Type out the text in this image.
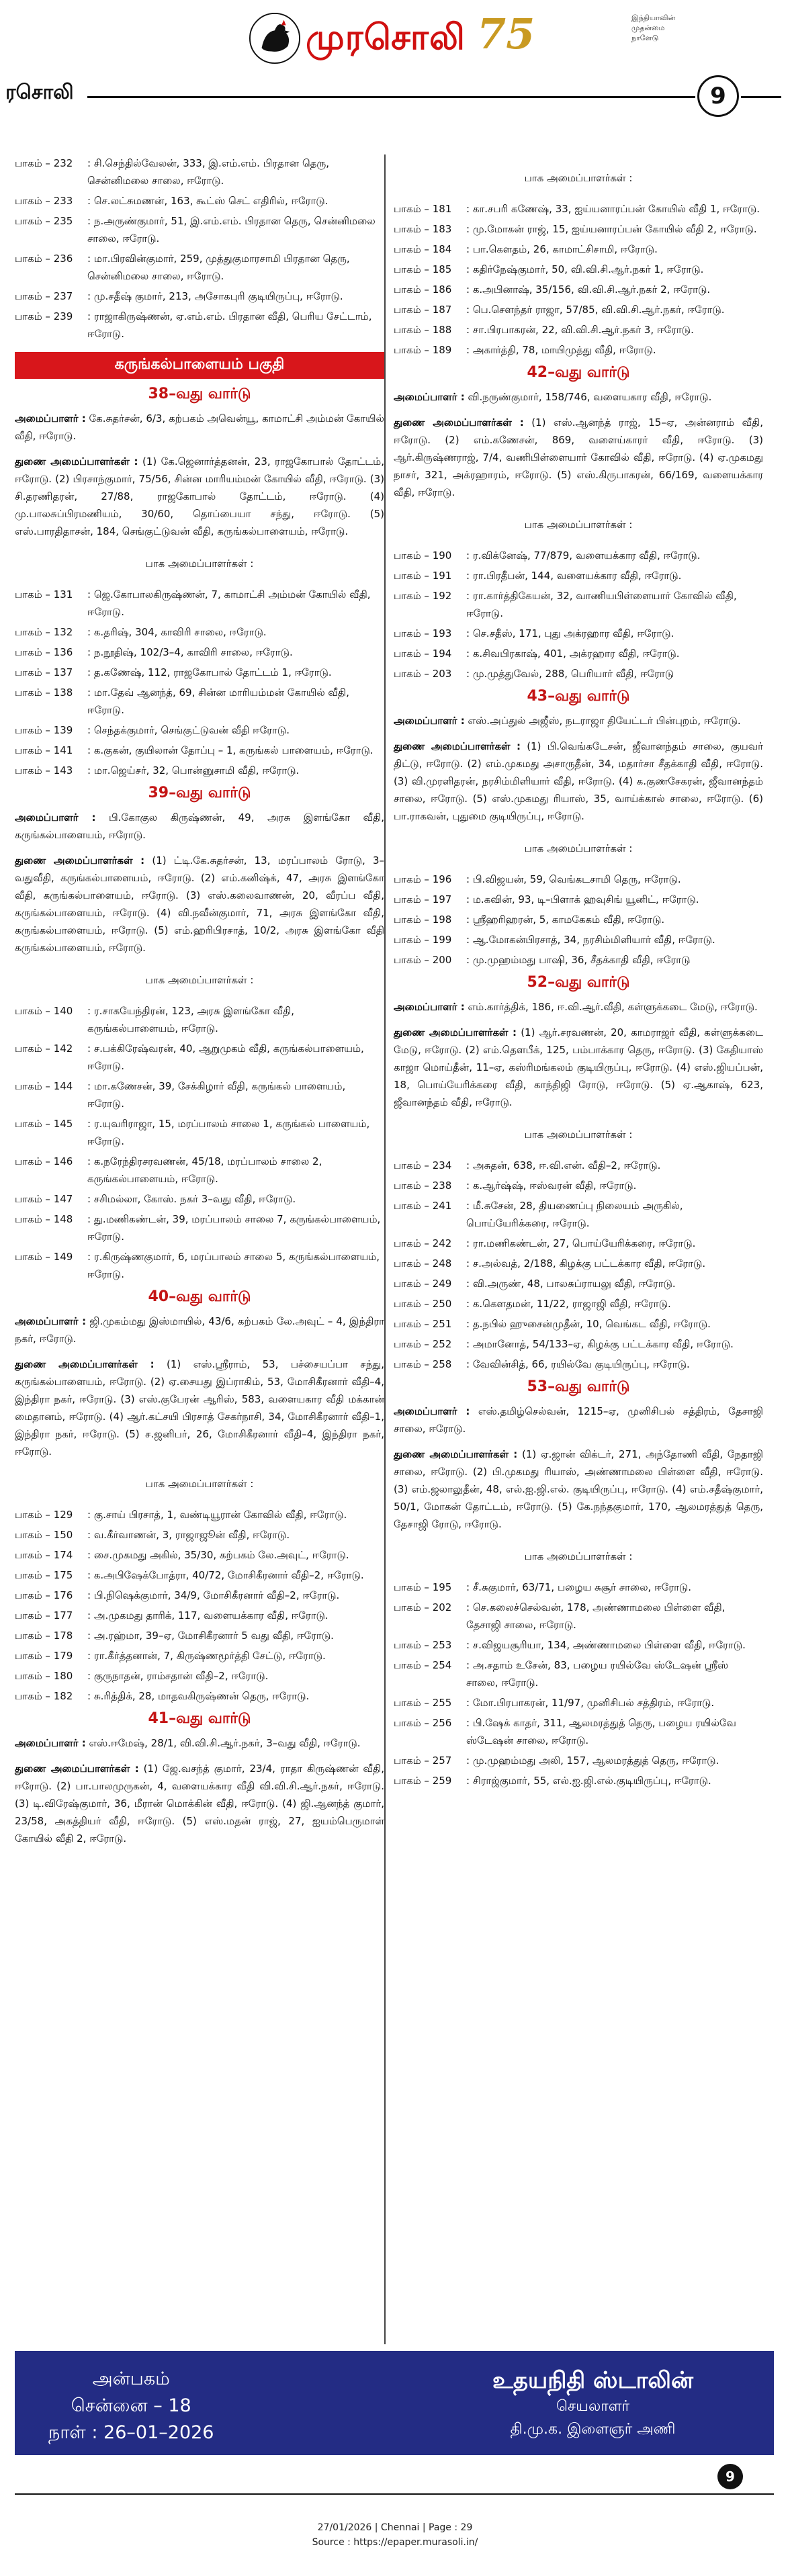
இந்தியாவின் முதன்மை நாளேடு
முரசொலி 75
ரசொலி	9
பாகம் – 232	: சி.செந்தில்வேலன், 333, இ.எம்.எம். பிரதான தெரு, சென்னிமலை சாலை, ஈரோடு.
பாகம் – 233	: செ.லட்சுமணன், 163, கூட்ஸ் செட் எதிரில், ஈரோடு.
பாகம் – 235	: ந.அருண்குமார், 51, இ.எம்.எம். பிரதான தெரு, சென்னிமலை சாலை, ஈரோடு.
பாகம் – 236	: மா.பிரவின்குமார், 259, முத்துகுமாரசாமி பிரதான தெரு, சென்னிமலை சாலை, ஈரோடு.
பாகம் – 237	: மு.சதீஷ் குமார், 213, அசோகபுரி குடியிருப்பு, ஈரோடு.
பாகம் – 239	: ராஜாகிருஷ்ணன், ஏ.எம்.எம். பிரதான வீதி, பெரிய சேட்டாம், ஈரோடு.
கருங்கல்பாளையம் பகுதி
38–வது வார்டு
அமைப்பாளர் : கே.சுதர்சன், 6/3, கற்பகம் அவென்யூ, காமாட்சி அம்மன் கோயில் வீதி, ஈரோடு.
துணை அமைப்பாளர்கள் : (1) கே.ஜெனார்த்தனன், 23, ராஜகோபால் தோட்டம், ஈரோடு. (2) பிரசாந்குமார், 75/56, சின்ன மாரியம்மன் கோயில் வீதி, ஈரோடு. (3) சி.தரணிதரன், 27/88, ராஜகோபால் தோட்டம், ஈரோடு. (4) மு.பாலசுப்பிரமணியம், 30/60, தொப்பையா சந்து, ஈரோடு. (5) எஸ்.பாரதிதாசன், 184, செங்குட்டுவன் வீதி, கருங்கல்பாளையம், ஈரோடு.
பாக அமைப்பாளர்கள் :
பாகம் – 131	: ஜெ.கோபாலகிருஷ்ணன், 7, காமாட்சி அம்மன் கோயில் வீதி, ஈரோடு.
பாகம் – 132	: க.தரிஷ், 304, காவிரி சாலை, ஈரோடு.
பாகம் – 136	: ந.நூதிஷ், 102/3–4, காவிரி சாலை, ஈரோடு.
பாகம் – 137	: த.கணேஷ், 112, ராஜகோபால் தோட்டம் 1, ஈரோடு.
பாகம் – 138	: மா.தேவ் ஆனந்த், 69, சின்ன மாரியம்மன் கோயில் வீதி, ஈரோடு.
பாகம் – 139	: செந்தக்குமார், செங்குட்டுவன் வீதி ஈரோடு.
பாகம் – 141	: க.குகன், குயிலான் தோப்பு – 1, கருங்கல் பாளையம், ஈரோடு.
பாகம் – 143	: மா.ஜெய்சர், 32, பொன்னுசாமி வீதி, ஈரோடு.
39–வது வார்டு
அமைப்பாளர் : பி.கோகுல கிருஷ்ணன், 49, அரசு இளங்கோ வீதி, கருங்கல்பாளையம், ஈரோடு.
துணை அமைப்பாளர்கள் : (1) ட்டி.கே.சுதர்சன், 13, மரப்பாலம் ரோடு, 3–வதுவீதி, கருங்கல்பாளையம், ஈரோடு. (2) எம்.கனிஷ்க், 47, அரசு இளங்கோ வீதி, கருங்கல்பாளையம், ஈரோடு. (3) எஸ்.கலைவாணன், 20, வீரப்ப வீதி, கருங்கல்பாளையம், ஈரோடு. (4) வி.நவீன்குமார், 71, அரசு இளங்கோ வீதி, கருங்கல்பாளையம், ஈரோடு. (5) எம்.ஹரிபிரசாத், 10/2, அரசு இளங்கோ வீதி கருங்கல்பாளையம், ஈரோடு.
பாக அமைப்பாளர்கள் :
பாகம் – 140	: ர.சாகயேந்திரன், 123, அரசு இளங்கோ வீதி, கருங்கல்பாளையம், ஈரோடு.
பாகம் – 142	: ச.பக்கிரேஷ்வரன், 40, ஆறுமுகம் வீதி, கருங்கல்பாளையம், ஈரோடு.
பாகம் – 144	: மா.கணேசன், 39, சேக்கிழார் வீதி, கருங்கல் பாளையம், ஈரோடு.
பாகம் – 145	: ர.யுவரிராஜா, 15, மரப்பாலம் சாலை 1, கருங்கல் பாளையம், ஈரோடு.
பாகம் – 146	: க.நரேந்திரசரவணன், 45/18, மரப்பாலம் சாலை 2, கருங்கல்பாளையம், ஈரோடு.
பாகம் – 147	: சசிமல்லா, கோஸ். நகர் 3–வது வீதி, ஈரோடு.
பாகம் – 148	: து.மணிகண்டன், 39, மரப்பாலம் சாலை 7, கருங்கல்பாளையம், ஈரோடு.
பாகம் – 149	: ர.கிருஷ்ணகுமார், 6, மரப்பாலம் சாலை 5, கருங்கல்பாளையம், ஈரோடு.
40–வது வார்டு
அமைப்பாளர் : ஜி.முகம்மது இஸ்மாயில், 43/6, கற்பகம் லே.அவுட் – 4, இந்திரா நகர், ஈரோடு.
துணை அமைப்பாளர்கள் : (1) எஸ்.ஸ்ரீராம், 53, பச்சையப்பா சந்து, கருங்கல்பாளையம், ஈரோடு. (2) ஏ.சையது இப்ராகிம், 53, மோசிகீரனார் வீதி–4, இந்திரா நகர், ஈரோடு. (3) எஸ்.குபேரன் ஆரிஸ், 583, வளையகார வீதி மக்கான் மைதானம், ஈரோடு. (4) ஆர்.கட்சயி பிரசாத் சேகர்நாசி, 34, மோசிகீரனார் வீதி–1, இந்திரா நகர், ஈரோடு. (5) ச.ஜனிபர், 26, மோசிகீரனார் வீதி–4, இந்திரா நகர், ஈரோடு.
பாக அமைப்பாளர்கள் :
பாகம் – 129	: கு.சாய் பிரசாத், 1, வண்டியூரான் கோவில் வீதி, ஈரோடு.
பாகம் – 150	: வ.கீர்வாணன், 3, ராஜாஜூன் வீதி, ஈரோடு.
பாகம் – 174	: சை.முகமது அகில், 35/30, கற்பகம் லே.அவுட், ஈரோடு.
பாகம் – 175	: க.அபிஷேக்போத்ரா, 40/72, மோசிகீரனார் வீதி–2, ஈரோடு.
பாகம் – 176	: பி.நிஷெக்குமார், 34/9, மோசிகீரனார் வீதி–2, ஈரோடு.
பாகம் – 177	: அ.முகமது தாரிக், 117, வளையக்கார வீதி, ஈரோடு.
பாகம் – 178	: அ.ரஹ்மா, 39–ஏ, மோசிகீரனார் 5 வது வீதி, ஈரோடு.
பாகம் – 179	: ரா.கீர்த்தனான், 7, கிருஷ்ணமூர்த்தி சேட்டு, ஈரோடு.
பாகம் – 180	: குருநாதன், ராம்சதான் வீதி–2, ஈரோடு.
பாகம் – 182	: சு.ரித்திக், 28, மாதவகிருஷ்ணன் தெரு, ஈரோடு.
41–வது வார்டு
அமைப்பாளர் : எஸ்.ஈமேஷ், 28/1, வி.வி.சி.ஆர்.நகர், 3–வது வீதி, ஈரோடு.
துணை அமைப்பாளர்கள் : (1) ஜே.வசந்த் குமார், 23/4, ராதா கிருஷ்ணன் வீதி, ஈரோடு. (2) பா.பாலமுருகன், 4, வளையக்கார வீதி வி.வி.சி.ஆர்.நகர், ஈரோடு. (3) டி.விரேஷ்குமார், 36, மீரான் மொக்கின் வீதி, ஈரோடு. (4) ஜி.ஆனந்த் குமார், 23/58, அகத்தியர் வீதி, ஈரோடு. (5) எஸ்.மதன் ராஜ், 27, ஐயம்பெருமாள் கோயில் வீதி 2, ஈரோடு.
பாக அமைப்பாளர்கள் :
பாகம் – 181	: கா.சபரி கணேஷ், 33, ஐய்யனாரப்பன் கோயில் வீதி 1, ஈரோடு.
பாகம் – 183	: மு.மோகன் ராஜ், 15, ஐய்யனாரப்பன் கோயில் வீதி 2, ஈரோடு.
பாகம் – 184	: பா.கௌதம், 26, காமாட்சிசாமி, ஈரோடு.
பாகம் – 185	: கதிர்நேஷ்குமார், 50, வி.வி.சி.ஆர்.நகர் 1, ஈரோடு.
பாகம் – 186	: க.அபினாஷ், 35/156, வி.வி.சி.ஆர்.நகர் 2, ஈரோடு.
பாகம் – 187	: பெ.சௌந்தர் ராஜா, 57/85, வி.வி.சி.ஆர்.நகர், ஈரோடு.
பாகம் – 188	: சா.பிரபாகரன், 22, வி.வி.சி.ஆர்.நகர் 3, ஈரோடு.
பாகம் – 189	: அகார்த்தி, 78, மாயிமுத்து வீதி, ஈரோடு.
42–வது வார்டு
அமைப்பாளர் : வி.நருண்குமார், 158/746, வளையகார வீதி, ஈரோடு.
துணை அமைப்பாளர்கள் : (1) எஸ்.ஆனந்த் ராஜ், 15–ஏ, அன்னராம் வீதி, ஈரோடு. (2) எம்.கணேசன், 869, வளைய்காரர் வீதி, ஈரோடு. (3) ஆர்.கிருஷ்ணராஜ், 7/4, வணிபிள்ளையார் கோவில் வீதி, ஈரோடு. (4) ஏ.முகமது நாசர், 321, அக்ரஹாரம், ஈரோடு. (5) எஸ்.கிருபாகரன், 66/169, வளையக்கார வீதி, ஈரோடு.
பாக அமைப்பாளர்கள் :
பாகம் – 190	: ர.விக்னேஷ், 77/879, வளையக்கார வீதி, ஈரோடு.
பாகம் – 191	: ரா.பிரதீபன், 144, வளையக்கார வீதி, ஈரோடு.
பாகம் – 192	: ரா.கார்த்திகேயன், 32, வாணியபிள்ளையார் கோவில் வீதி, ஈரோடு.
பாகம் – 193	: செ.சதீஸ், 171, புது அக்ரஹார வீதி, ஈரோடு.
பாகம் – 194	: க.சிவபிரகாஷ், 401, அக்ரஹார வீதி, ஈரோடு.
பாகம் – 203	: மு.முத்துவேல், 288, பெரியார் வீதி, ஈரோடு
43–வது வார்டு
அமைப்பாளர் : எஸ்.அப்துல் அஜீஸ், நடராஜா தியேட்டர் பின்புறம், ஈரோடு.
துணை அமைப்பாளர்கள் : (1) பி.வெங்கடேசன், ஜீவானந்தம் சாலை, குயவர் திட்டு, ஈரோடு. (2) எம்.முகமது அசாருதீன், 34, மதார்சா சீதக்காதி வீதி, ஈரோடு. (3) வி.முரளிதரன், நரசிம்மிளியார் வீதி, ஈரோடு. (4) க.குணசேகரன், ஜீவானந்தம் சாலை, ஈரோடு. (5) எஸ்.முகமது ரியாஸ், 35, வாய்க்கால் சாலை, ஈரோடு. (6) பா.ராகவன், புதுமை குடியிருப்பு, ஈரோடு.
பாக அமைப்பாளர்கள் :
பாகம் – 196	: பி.விஜயன், 59, வெங்கடசாமி தெரு, ஈரோடு.
பாகம் – 197	: ம.கவின், 93, டி–பிளாக் ஹவுசிங் யூனிட், ஈரோடு.
பாகம் – 198	: ஸ்ரீஹரிஹரன், 5, காமகேகம் வீதி, ஈரோடு.
பாகம் – 199	: ஆ.மோகன்பிரசாத், 34, நரசிம்மிளியார் வீதி, ஈரோடு.
பாகம் – 200	: மு.முஹம்மது பாஷி, 36, சீதக்காதி வீதி, ஈரோடு
52–வது வார்டு
அமைப்பாளர் : எம்.கார்த்திக், 186, ஈ.வி.ஆர்.வீதி, கள்ளுக்கடை மேடு, ஈரோடு.
துணை அமைப்பாளர்கள் : (1) ஆர்.சரவணன், 20, காமராஜர் வீதி, கள்ளுக்கடை மேடு, ஈரோடு. (2) எம்.தௌபீக், 125, பம்பாக்கார தெரு, ஈரோடு. (3) கேதியாஸ் காஜா மொய்தீன், 11–ஏ, கஸ்ரிமங்கலம் குடியிருப்பு, ஈரோடு. (4) எஸ்.ஜியப்பன், 18, பொய்யேரிக்கரை வீதி, காந்திஜி ரோடு, ஈரோடு. (5) ஏ.ஆகாஷ், 623, ஜீவானந்தம் வீதி, ஈரோடு.
பாக அமைப்பாளர்கள் :
பாகம் – 234	: அசுதன், 638, ஈ.வி.என். வீதி–2, ஈரோடு.
பாகம் – 238	: க.ஆர்ஷ்ஷ், ஈஸ்வரன் வீதி, ஈரோடு.
பாகம் – 241	: மீ.சுசேன், 28, தியணைப்பு நிலையம் அருகில், பொய்யேரிக்கரை, ஈரோடு.
பாகம் – 242	: ரா.மணிகண்டன், 27, பொய்யேரிக்கரை, ஈரோடு.
பாகம் – 248	: ச.அல்வத், 2/188, கிழக்கு பட்டக்கார வீதி, ஈரோடு.
பாகம் – 249	: வி.அருண், 48, பாலசுப்ராயலு வீதி, ஈரோடு.
பாகம் – 250	: க.கௌதமன், 11/22, ராஜாஜி வீதி, ஈரோடு.
பாகம் – 251	: த.நபில் ஹுசைன்முதீன், 10, வெங்கட வீதி, ஈரோடு.
பாகம் – 252	: அமானோத், 54/133–ஏ, கிழக்கு பட்டக்கார வீதி, ஈரோடு.
பாகம் – 258	: வேவின்சித், 66, ரயில்வே குடியிருப்பு, ஈரோடு.
53–வது வார்டு
அமைப்பாளர் : எஸ்.தமிழ்செல்வன், 1215–ஏ, முனிசிபல் சத்திரம், தேசாஜி சாலை, ஈரோடு.
துணை அமைப்பாளர்கள் : (1) ஏ.ஜான் விக்டர், 271, அந்தோணி வீதி, நேதாஜி சாலை, ஈரோடு. (2) பி.முகமது ரியாஸ், அண்ணாமலை பிள்ளை வீதி, ஈரோடு. (3) எம்.ஜலாலுதீன், 48, எல்.ஐ.ஜி.எல். குடியிருப்பு, ஈரோடு. (4) எம்.சதீஷ்குமார், 50/1, மோகன் தோட்டம், ஈரோடு. (5) கே.நந்தகுமார், 170, ஆலமரத்துத் தெரு, தேசாஜி ரோடு, ஈரோடு.
பாக அமைப்பாளர்கள் :
பாகம் – 195	: சீ.சுகுமார், 63/71, பழைய சுசூர் சாலை, ஈரோடு.
பாகம் – 202	: செ.கலைச்செல்வன், 178, அண்ணாமலை பிள்ளை வீதி, தேசாஜி சாலை, ஈரோடு.
பாகம் – 253	: ச.விஜயசூரியா, 134, அண்ணாமலை பிள்ளை வீதி, ஈரோடு.
பாகம் – 254	: அ.சதாம் உசேன், 83, பழைய ரயில்வே ஸ்டேஷன் ஸ்ரீஸ் சாலை, ஈரோடு.
பாகம் – 255	: மோ.பிரபாகரன், 11/97, முனிசிபல் சத்திரம், ஈரோடு.
பாகம் – 256	: பி.ஷேக் காதர், 311, ஆலமரத்துத் தெரு, பழைய ரயில்வே ஸ்டேஷன் சாலை, ஈரோடு.
பாகம் – 257	: மு.முஹம்மது அலி, 157, ஆலமரத்துத் தெரு, ஈரோடு.
பாகம் – 259	: சிராஜ்குமார், 55, எல்.ஐ.ஜி.எல்.குடியிருப்பு, ஈரோடு.
அன்பகம்
சென்னை – 18
நாள் : 26–01–2026
உதயநிதி ஸ்டாலின்
செயலாளர்
தி.மு.க. இளைஞர் அணி
9
27/01/2026 | Chennai | Page : 29
Source : https://epaper.murasoli.in/
